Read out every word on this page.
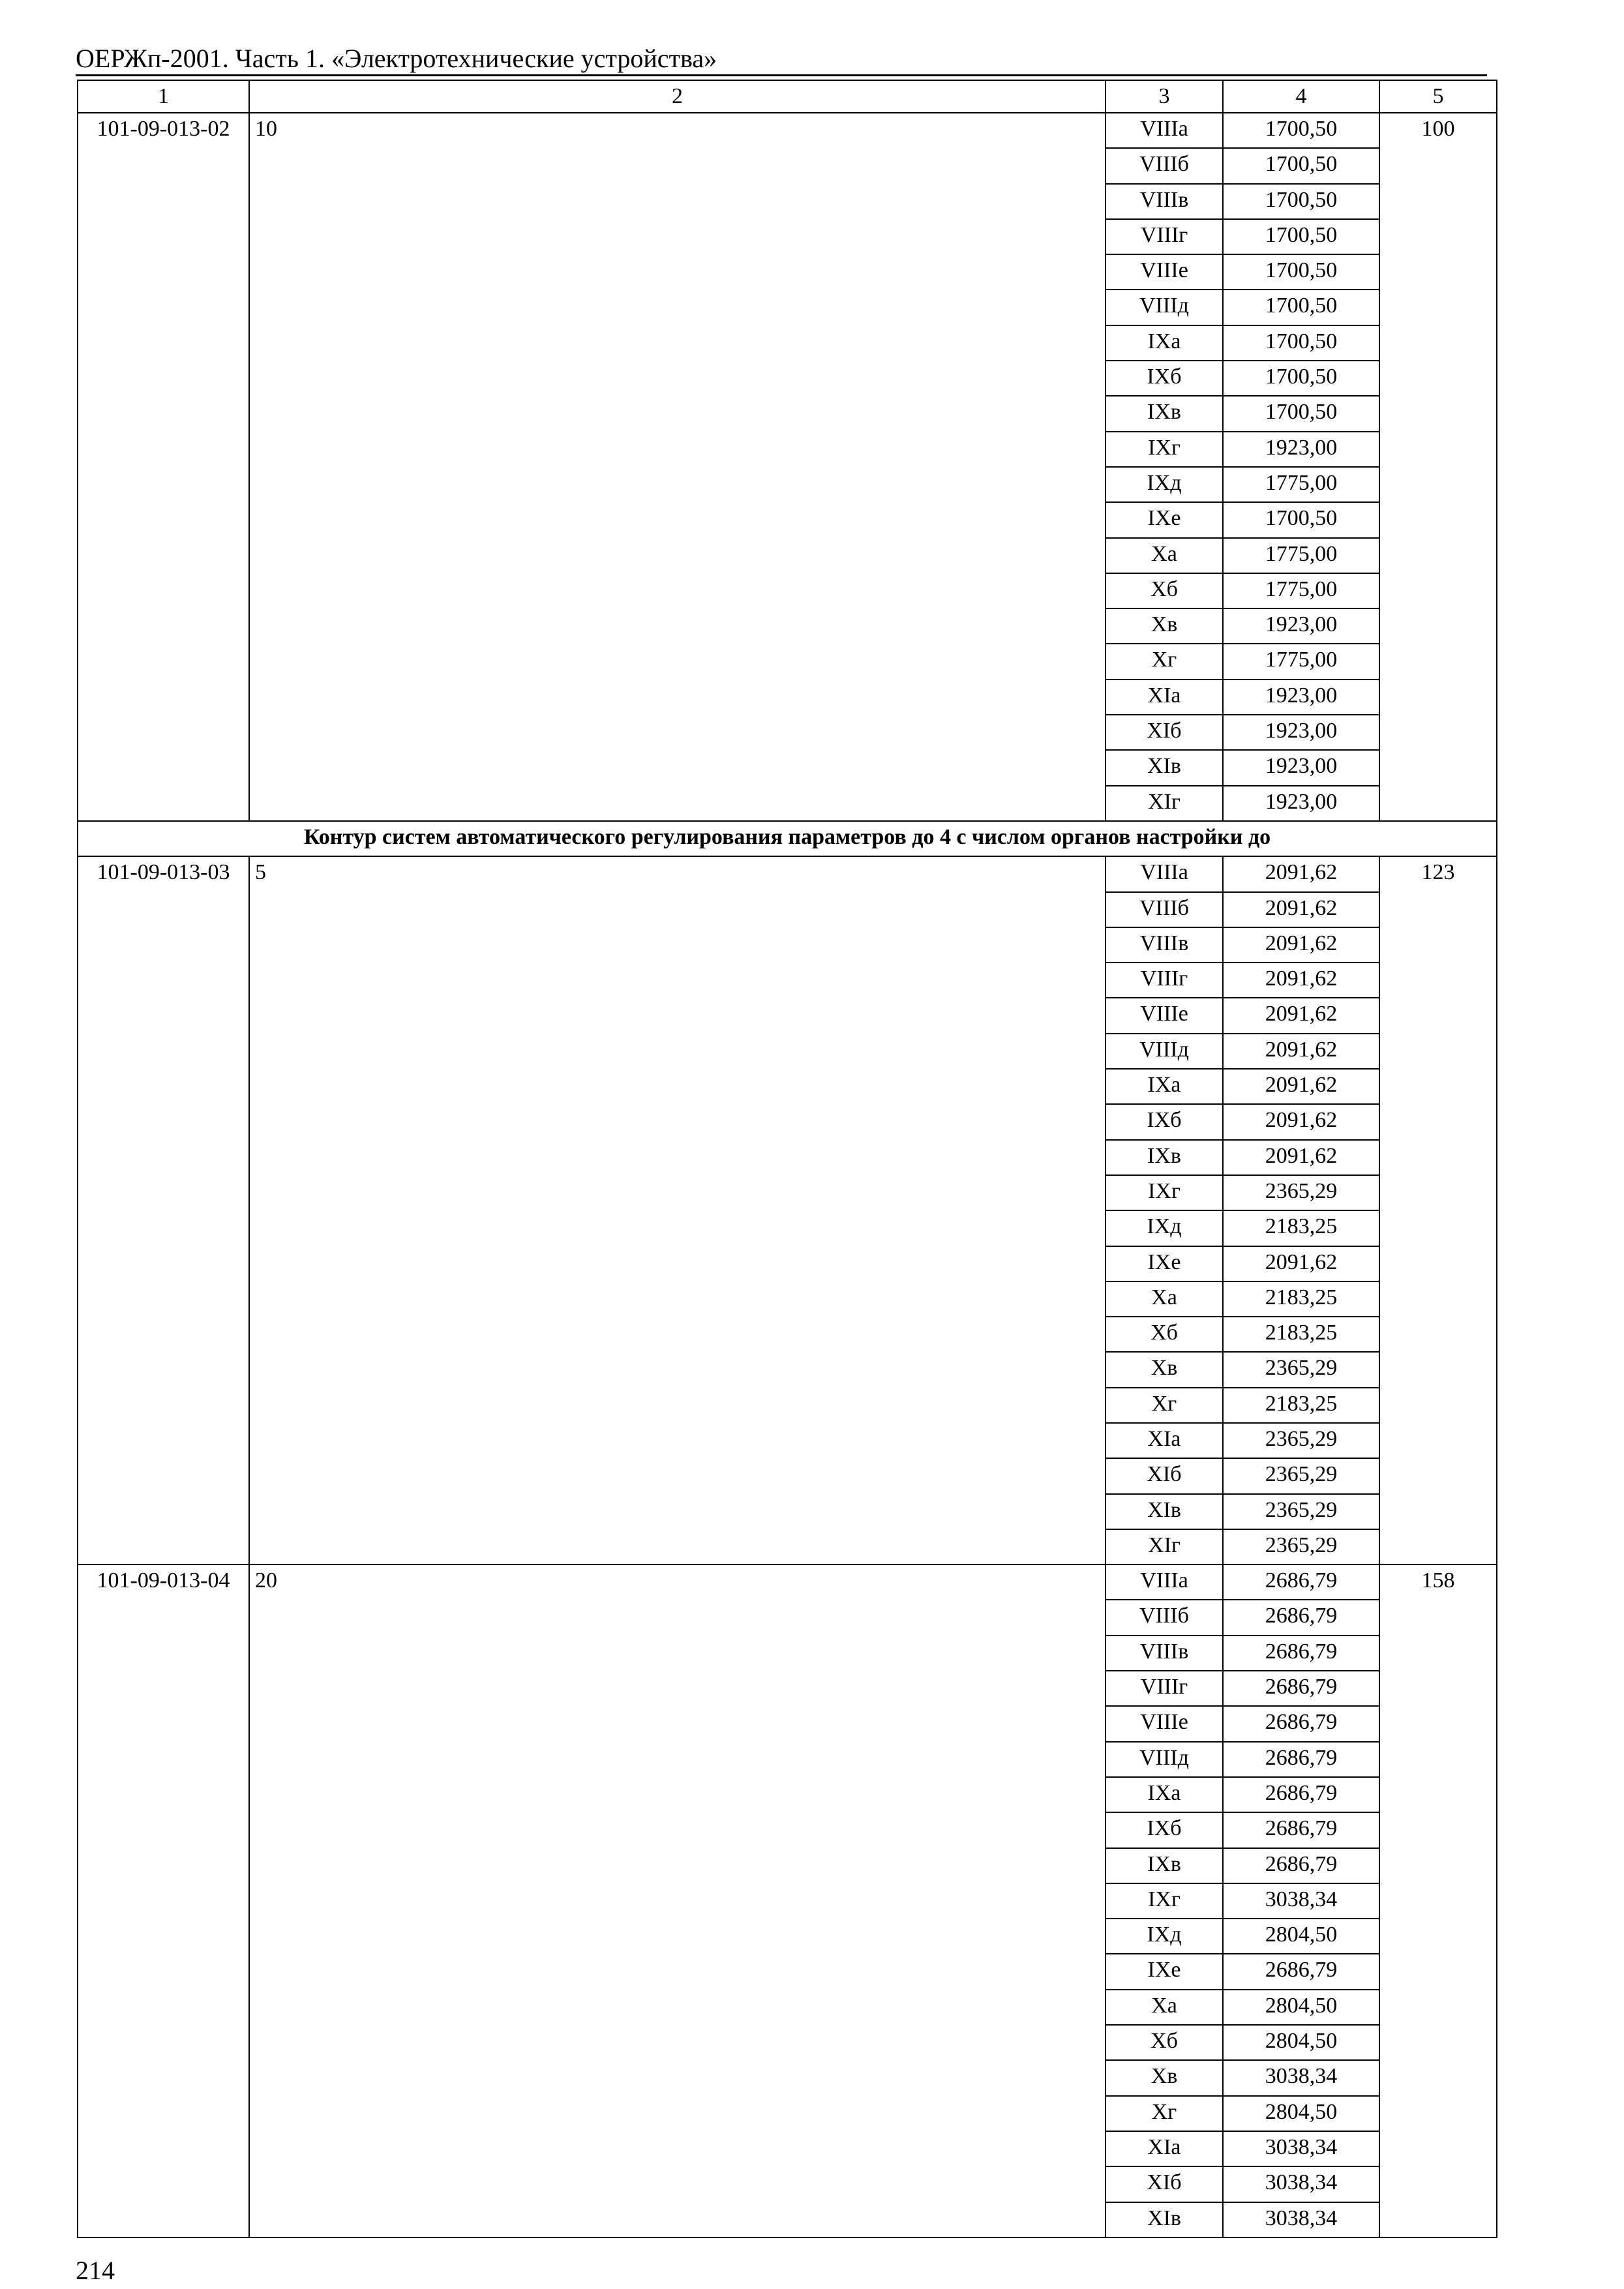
ОЕРЖп-2001. Часть 1. «Электротехнические устройства»
1	2	3	4	5
101-09-013-02	10	VIIIа	1700,50	100
		VIIIб	1700,50	
		VIIIв	1700,50	
		VIIIг	1700,50	
		VIIIе	1700,50	
		VIIIд	1700,50	
		IXа	1700,50	
		IXб	1700,50	
		IXв	1700,50	
		IXг	1923,00	
		IXд	1775,00	
		IXе	1700,50	
		Xа	1775,00	
		Xб	1775,00	
		Xв	1923,00	
		Xг	1775,00	
		XIа	1923,00	
		XIб	1923,00	
		XIв	1923,00	
		XIг	1923,00	
Контур систем автоматического регулирования параметров до 4 с числом органов настройки до				
101-09-013-03	5	VIIIа	2091,62	123
		VIIIб	2091,62	
		VIIIв	2091,62	
		VIIIг	2091,62	
		VIIIе	2091,62	
		VIIIд	2091,62	
		IXа	2091,62	
		IXб	2091,62	
		IXв	2091,62	
		IXг	2365,29	
		IXд	2183,25	
		IXе	2091,62	
		Xа	2183,25	
		Xб	2183,25	
		Xв	2365,29	
		Xг	2183,25	
		XIа	2365,29	
		XIб	2365,29	
		XIв	2365,29	
		XIг	2365,29	
101-09-013-04	20	VIIIа	2686,79	158
		VIIIб	2686,79	
		VIIIв	2686,79	
		VIIIг	2686,79	
		VIIIе	2686,79	
		VIIIд	2686,79	
		IXа	2686,79	
		IXб	2686,79	
		IXв	2686,79	
		IXг	3038,34	
		IXд	2804,50	
		IXе	2686,79	
		Xа	2804,50	
		Xб	2804,50	
		Xв	3038,34	
		Xг	2804,50	
		XIа	3038,34	
		XIб	3038,34	
		XIв	3038,34	
214
